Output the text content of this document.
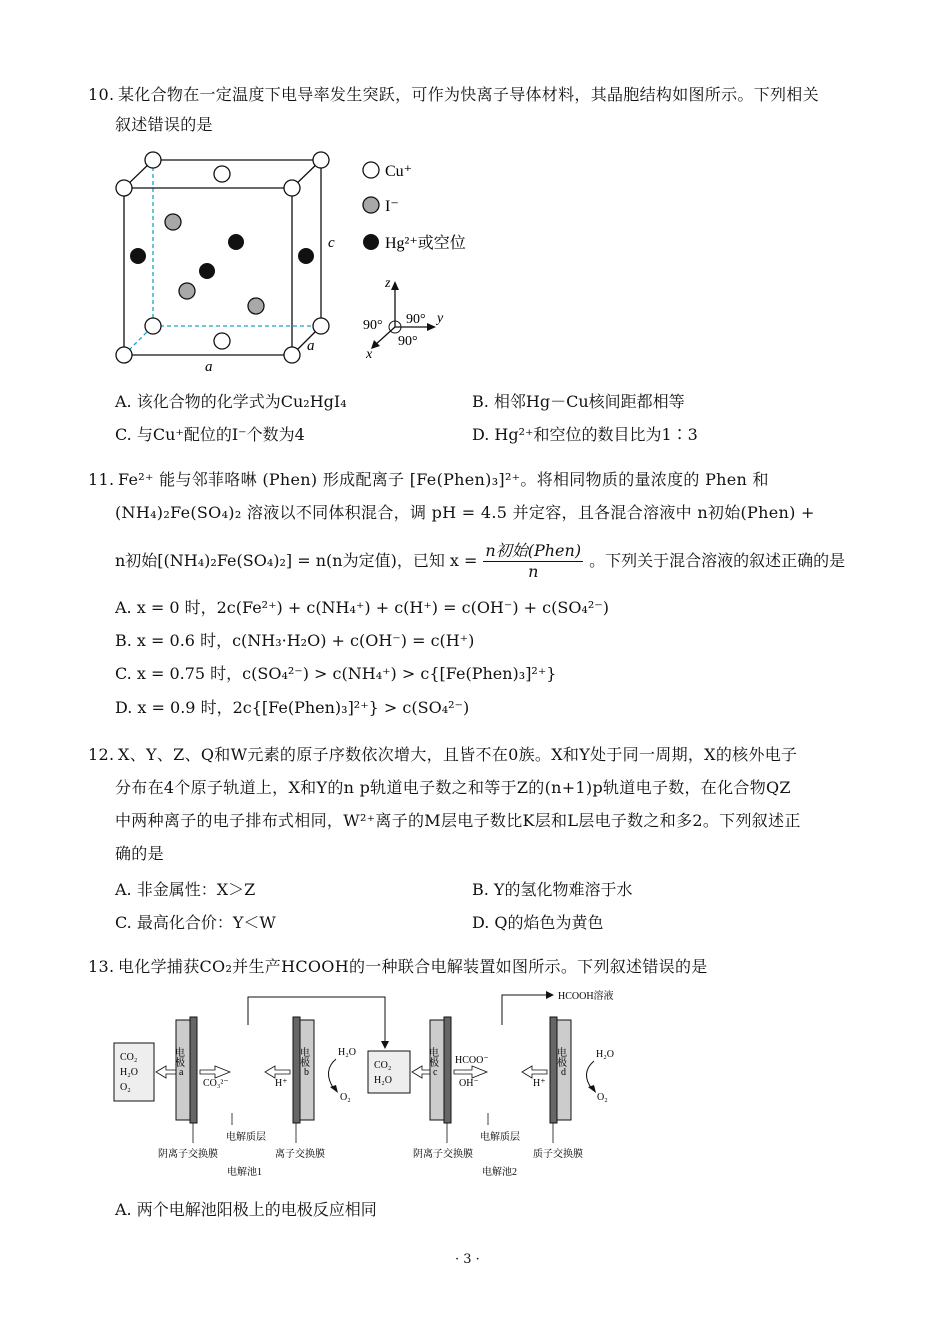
10. 某化合物在一定温度下电导率发生突跃，可作为快离子导体材料，其晶胞结构如图所示。下列相关
叙述错误的是
a
a
c
Cu⁺
I⁻
Hg²⁺或空位
z
y
x
90° 90°
90°
A. 该化合物的化学式为Cu₂HgI₄	B. 相邻Hg－Cu核间距都相等
C. 与Cu⁺配位的I⁻个数为4	D. Hg²⁺和空位的数目比为1∶3
11. Fe²⁺ 能与邻菲咯啉 (Phen) 形成配离子 [Fe(Phen)₃]²⁺。将相同物质的量浓度的 Phen 和
(NH₄)₂Fe(SO₄)₂ 溶液以不同体积混合，调 pH = 4.5 并定容，且各混合溶液中 n初始(Phen) +
n初始[(NH₄)₂Fe(SO₄)₂] = n(n为定值)，已知 x =
n初始(Phen)
n
。下列关于混合溶液的叙述正确的是
A. x = 0 时，2c(Fe²⁺) + c(NH₄⁺) + c(H⁺) = c(OH⁻) + c(SO₄²⁻)
B. x = 0.6 时，c(NH₃·H₂O) + c(OH⁻) = c(H⁺)
C. x = 0.75 时，c(SO₄²⁻) > c(NH₄⁺) > c{[Fe(Phen)₃]²⁺}
D. x = 0.9 时，2c{[Fe(Phen)₃]²⁺} > c(SO₄²⁻)
12. X、Y、Z、Q和W元素的原子序数依次增大，且皆不在0族。X和Y处于同一周期，X的核外电子
分布在4个原子轨道上，X和Y的n p轨道电子数之和等于Z的(n+1)p轨道电子数，在化合物QZ
中两种离子的电子排布式相同，W²⁺离子的M层电子数比K层和L层电子数之和多2。下列叙述正
确的是
A. 非金属性：X＞Z	B. Y的氢化物难溶于水
C. 最高化合价：Y＜W	D. Q的焰色为黄色
13. 电化学捕获CO₂并生产HCOOH的一种联合电解装置如图所示。下列叙述错误的是
HCOOH溶液
CO₂
H₂O
O₂
电极
a
CO₃²⁻	H⁺
电极
b
H₂O
O₂
CO₂
H₂O
电极
c
HCOO⁻
OH⁻	H⁺
电极
d
H₂O
O₂
电解质层	电解质层
阴离子交换膜	离子交换膜	阴离子交换膜	质子交换膜
电解池1	电解池2
A. 两个电解池阳极上的电极反应相同
· 3 ·
